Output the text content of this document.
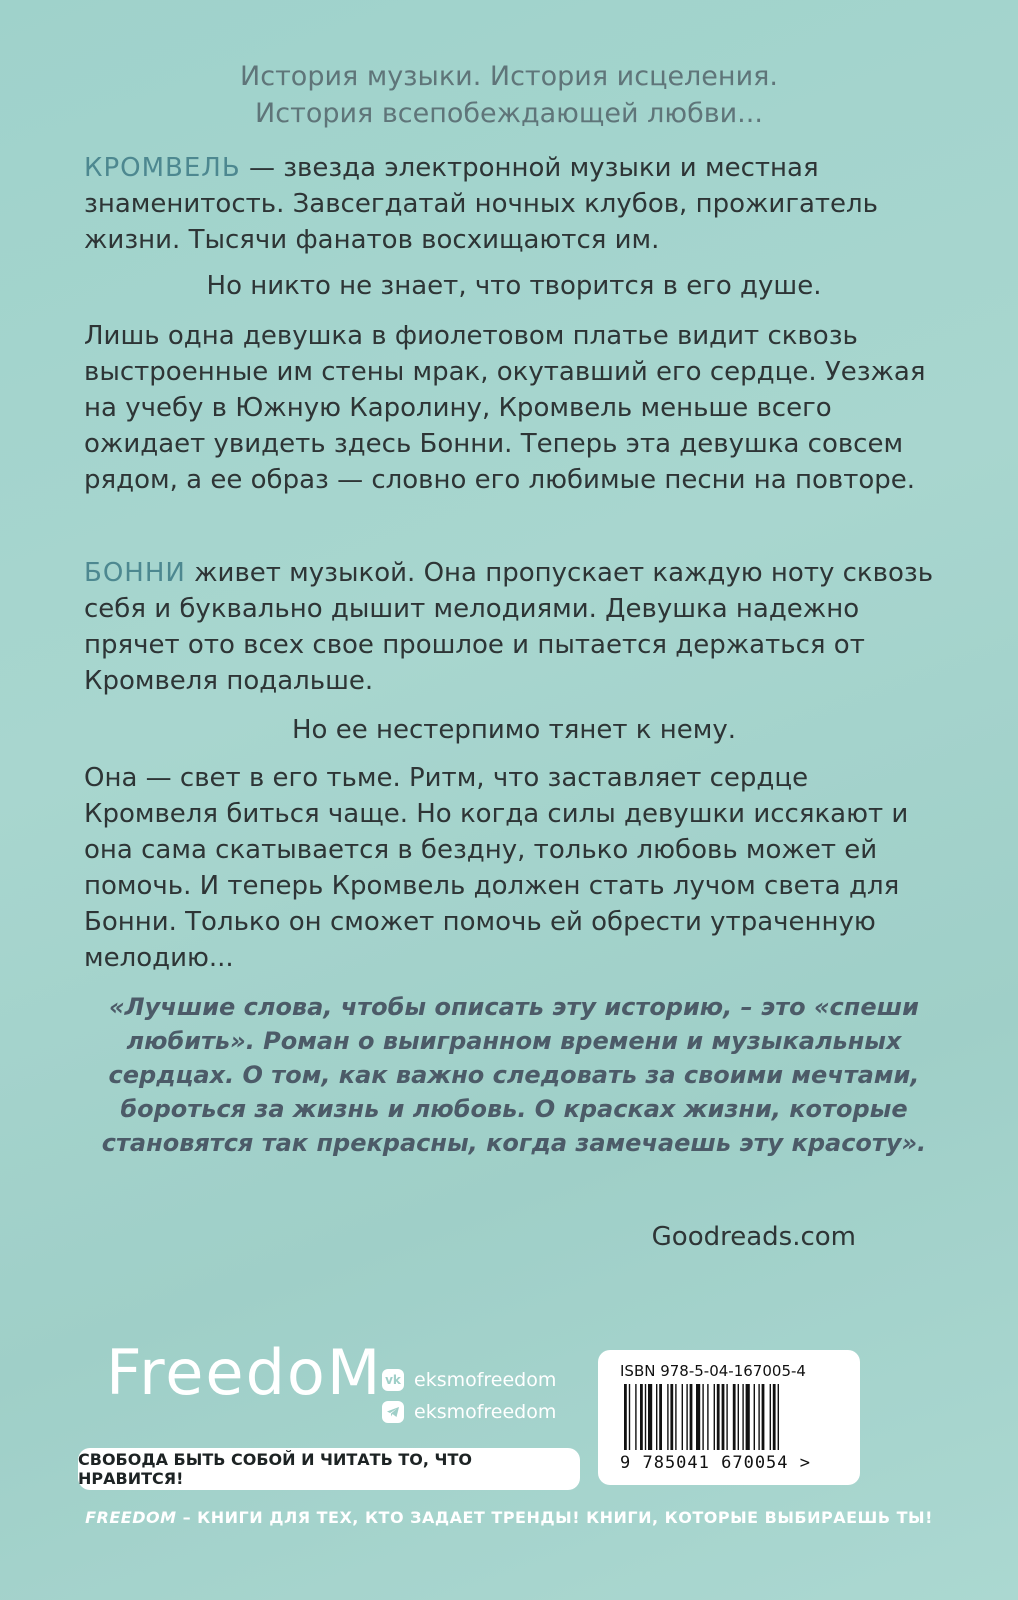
История музыки. История исцеления.
История всепобеждающей любви...

КРОМВЕЛЬ — звезда электронной музыки и местная знаменитость. Завсегдатай ночных клубов, прожигатель жизни. Тысячи фанатов восхищаются им.

Но никто не знает, что творится в его душе.

Лишь одна девушка в фиолетовом платье видит сквозь выстроенные им стены мрак, окутавший его сердце. Уезжая на учебу в Южную Каролину, Кромвель меньше всего ожидает увидеть здесь Бонни. Теперь эта девушка совсем рядом, а ее образ — словно его любимые песни на повторе.

БОННИ живет музыкой. Она пропускает каждую ноту сквозь себя и буквально дышит мелодиями. Девушка надежно прячет ото всех свое прошлое и пытается держаться от Кромвеля подальше.

Но ее нестерпимо тянет к нему.

Она — свет в его тьме. Ритм, что заставляет сердце Кромвеля биться чаще. Но когда силы девушки иссякают и она сама скатывается в бездну, только любовь может ей помочь. И теперь Кромвель должен стать лучом света для Бонни. Только он сможет помочь ей обрести утраченную мелодию...

«Лучшие слова, чтобы описать эту историю, – это «спеши любить». Роман о выигранном времени и музыкальных сердцах. О том, как важно следовать за своими мечтами, бороться за жизнь и любовь. О красках жизни, которые становятся так прекрасны, когда замечаешь эту красоту».

Goodreads.com
FreedoM vk eksmofreedom
eksmofreedom
СВОБОДА БЫТЬ СОБОЙ И ЧИТАТЬ ТО, ЧТО НРАВИТСЯ!
ISBN 978-5-04-167005-4
9 785041 670054 >
FREEDOM – КНИГИ ДЛЯ ТЕХ, КТО ЗАДАЕТ ТРЕНДЫ! КНИГИ, КОТОРЫЕ ВЫБИРАЕШЬ ТЫ!
